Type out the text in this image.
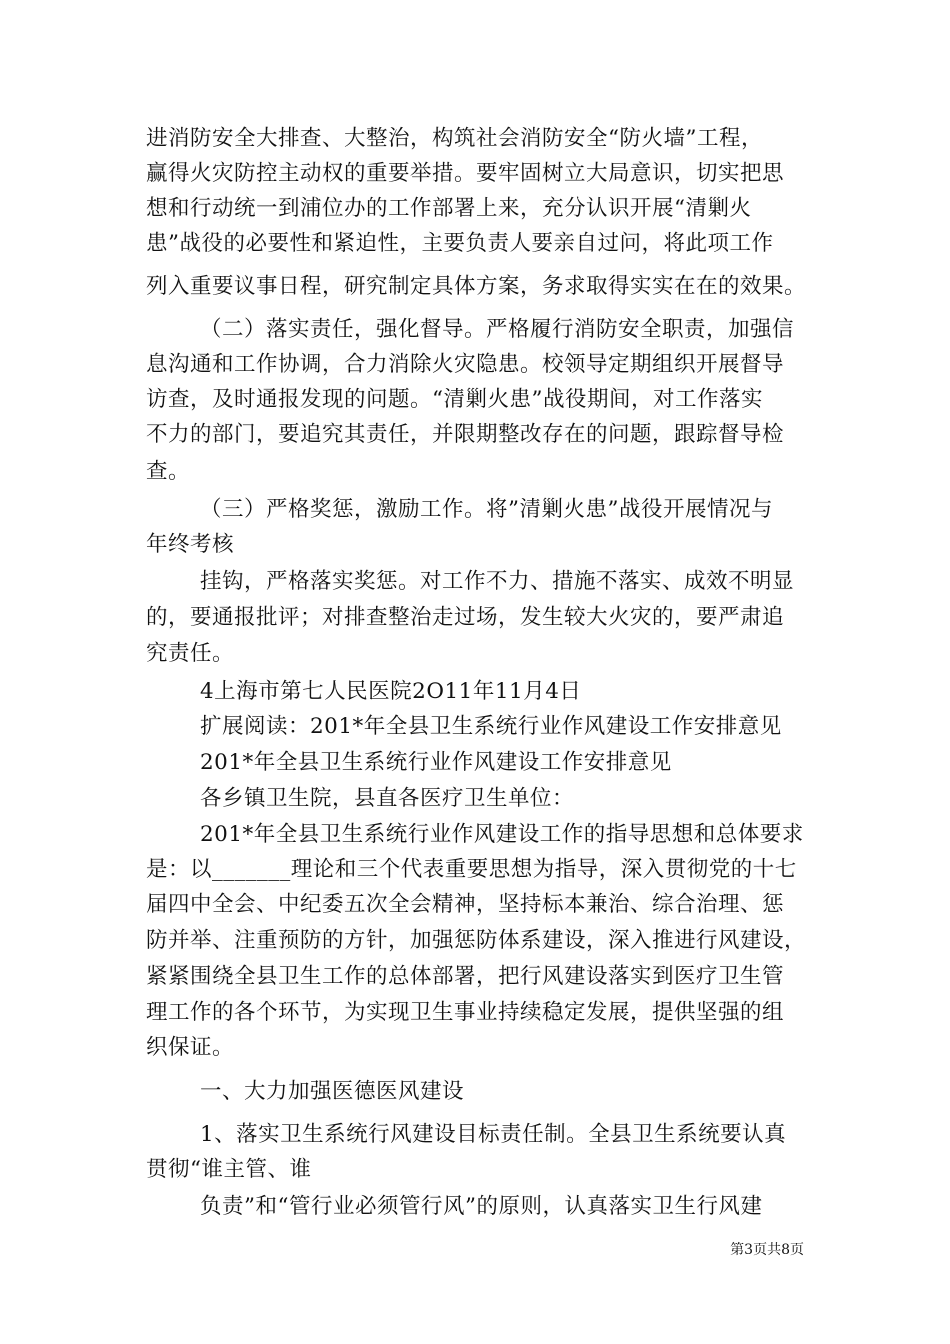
进消防安全大排查、大整治，构筑社会消防安全“防火墙”工程，
赢得火灾防控主动权的重要举措。要牢固树立大局意识，切实把思
想和行动统一到浦位办的工作部署上来，充分认识开展“清剿火
患”战役的必要性和紧迫性，主要负责人要亲自过问，将此项工作
列入重要议事日程，研究制定具体方案，务求取得实实在在的效果。
（二）落实责任，强化督导。严格履行消防安全职责，加强信
息沟通和工作协调，合力消除火灾隐患。校领导定期组织开展督导
访查，及时通报发现的问题。“清剿火患”战役期间，对工作落实
不力的部门，要追究其责任，并限期整改存在的问题，跟踪督导检
查。
（三）严格奖惩，激励工作。将”清剿火患”战役开展情况与
年终考核
挂钩，严格落实奖惩。对工作不力、措施不落实、成效不明显
的，要通报批评；对排查整治走过场，发生较大火灾的，要严肃追
究责任。
4上海市第七人民医院2O11年11月4日
扩展阅读：201*年全县卫生系统行业作风建设工作安排意见
201*年全县卫生系统行业作风建设工作安排意见
各乡镇卫生院，县直各医疗卫生单位：
201*年全县卫生系统行业作风建设工作的指导思想和总体要求
是：以_______理论和三个代表重要思想为指导，深入贯彻党的十七
届四中全会、中纪委五次全会精神，坚持标本兼治、综合治理、惩
防并举、注重预防的方针，加强惩防体系建设，深入推进行风建设，
紧紧围绕全县卫生工作的总体部署，把行风建设落实到医疗卫生管
理工作的各个环节，为实现卫生事业持续稳定发展，提供坚强的组
织保证。
一、大力加强医德医风建设
1、落实卫生系统行风建设目标责任制。全县卫生系统要认真
贯彻“谁主管、谁
负责”和“管行业必须管行风”的原则，认真落实卫生行风建
第3页共8页
